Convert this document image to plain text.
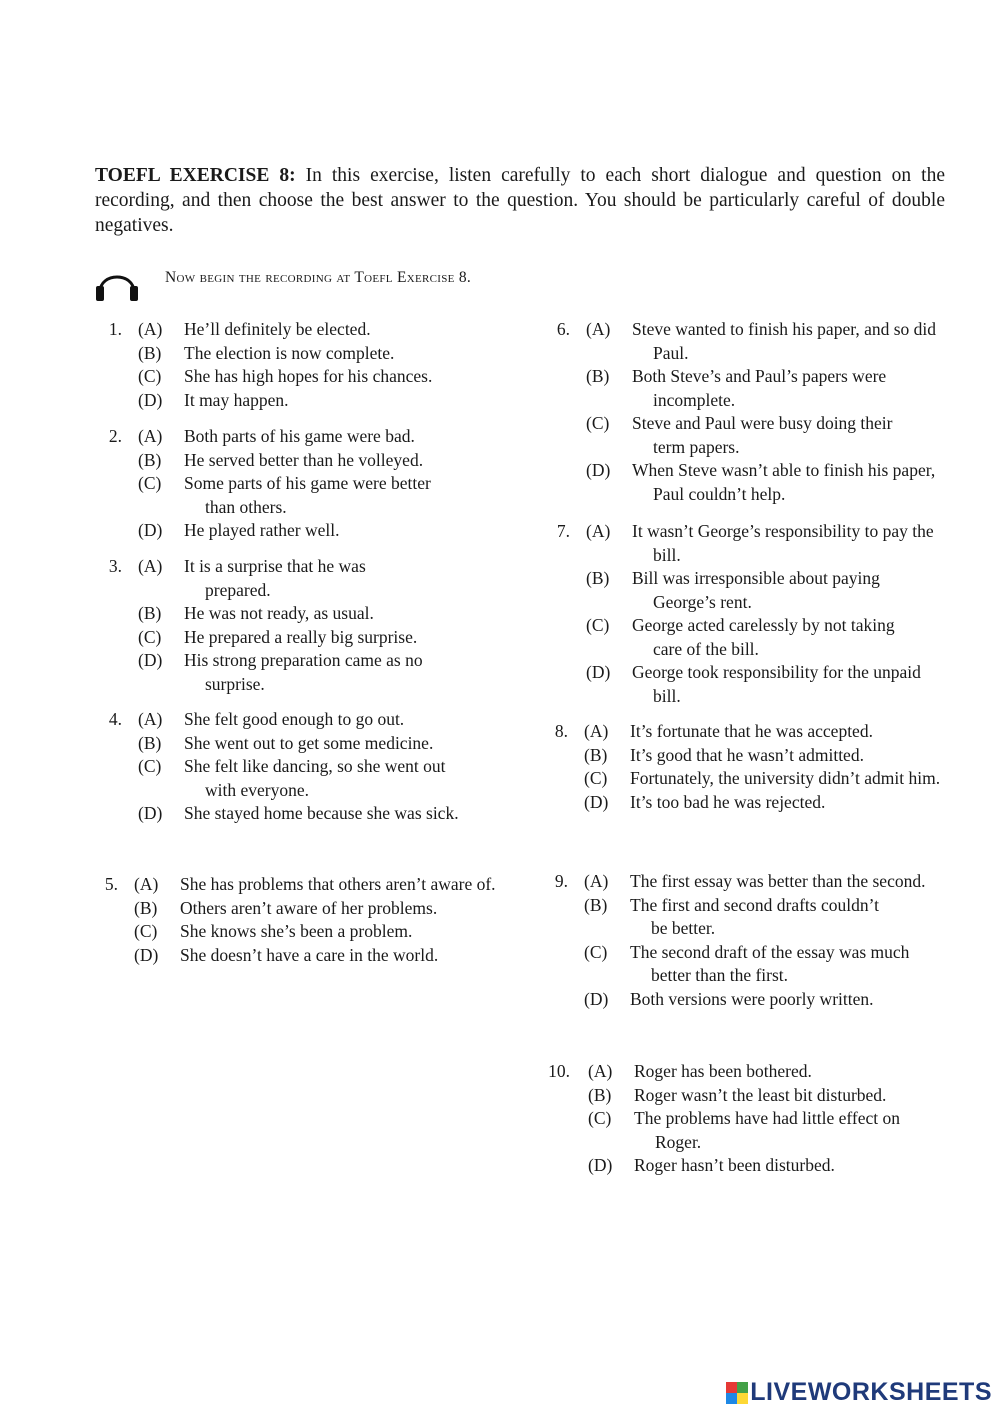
TOEFL EXERCISE 8: In this exercise, listen carefully to each short dialogue and question on the recording, and then choose the best answer to the question. You should be particularly careful of double negatives.
Now begin the recording at Toefl Exercise 8.
1. (A)	He’ll definitely be elected.
(B)	The election is now complete.
(C)	She has high hopes for his chances.
(D)	It may happen.
2. (A)	Both parts of his game were bad.
(B)	He served better than he volleyed.
(C)	Some parts of his game were better than others.
(D)	He played rather well.
3. (A)	It is a surprise that he was prepared.
(B)	He was not ready, as usual.
(C)	He prepared a really big surprise.
(D)	His strong preparation came as no surprise.
4. (A)	She felt good enough to go out.
(B)	She went out to get some medicine.
(C)	She felt like dancing, so she went out with everyone.
(D)	She stayed home because she was sick.
5. (A)	She has problems that others aren’t aware of.
(B)	Others aren’t aware of her problems.
(C)	She knows she’s been a problem.
(D)	She doesn’t have a care in the world.
6. (A)	Steve wanted to finish his paper, and so did Paul.
(B)	Both Steve’s and Paul’s papers were incomplete.
(C)	Steve and Paul were busy doing their term papers.
(D)	When Steve wasn’t able to finish his paper, Paul couldn’t help.
7. (A)	It wasn’t George’s responsibility to pay the bill.
(B)	Bill was irresponsible about paying George’s rent.
(C)	George acted carelessly by not taking care of the bill.
(D)	George took responsibility for the unpaid bill.
8. (A)	It’s fortunate that he was accepted.
(B)	It’s good that he wasn’t admitted.
(C)	Fortunately, the university didn’t admit him.
(D)	It’s too bad he was rejected.
9. (A)	The first essay was better than the second.
(B)	The first and second drafts couldn’t be better.
(C)	The second draft of the essay was much better than the first.
(D)	Both versions were poorly written.
10. (A)	Roger has been bothered.
(B)	Roger wasn’t the least bit disturbed.
(C)	The problems have had little effect on Roger.
(D)	Roger hasn’t been disturbed.
LIVEWORKSHEETS
